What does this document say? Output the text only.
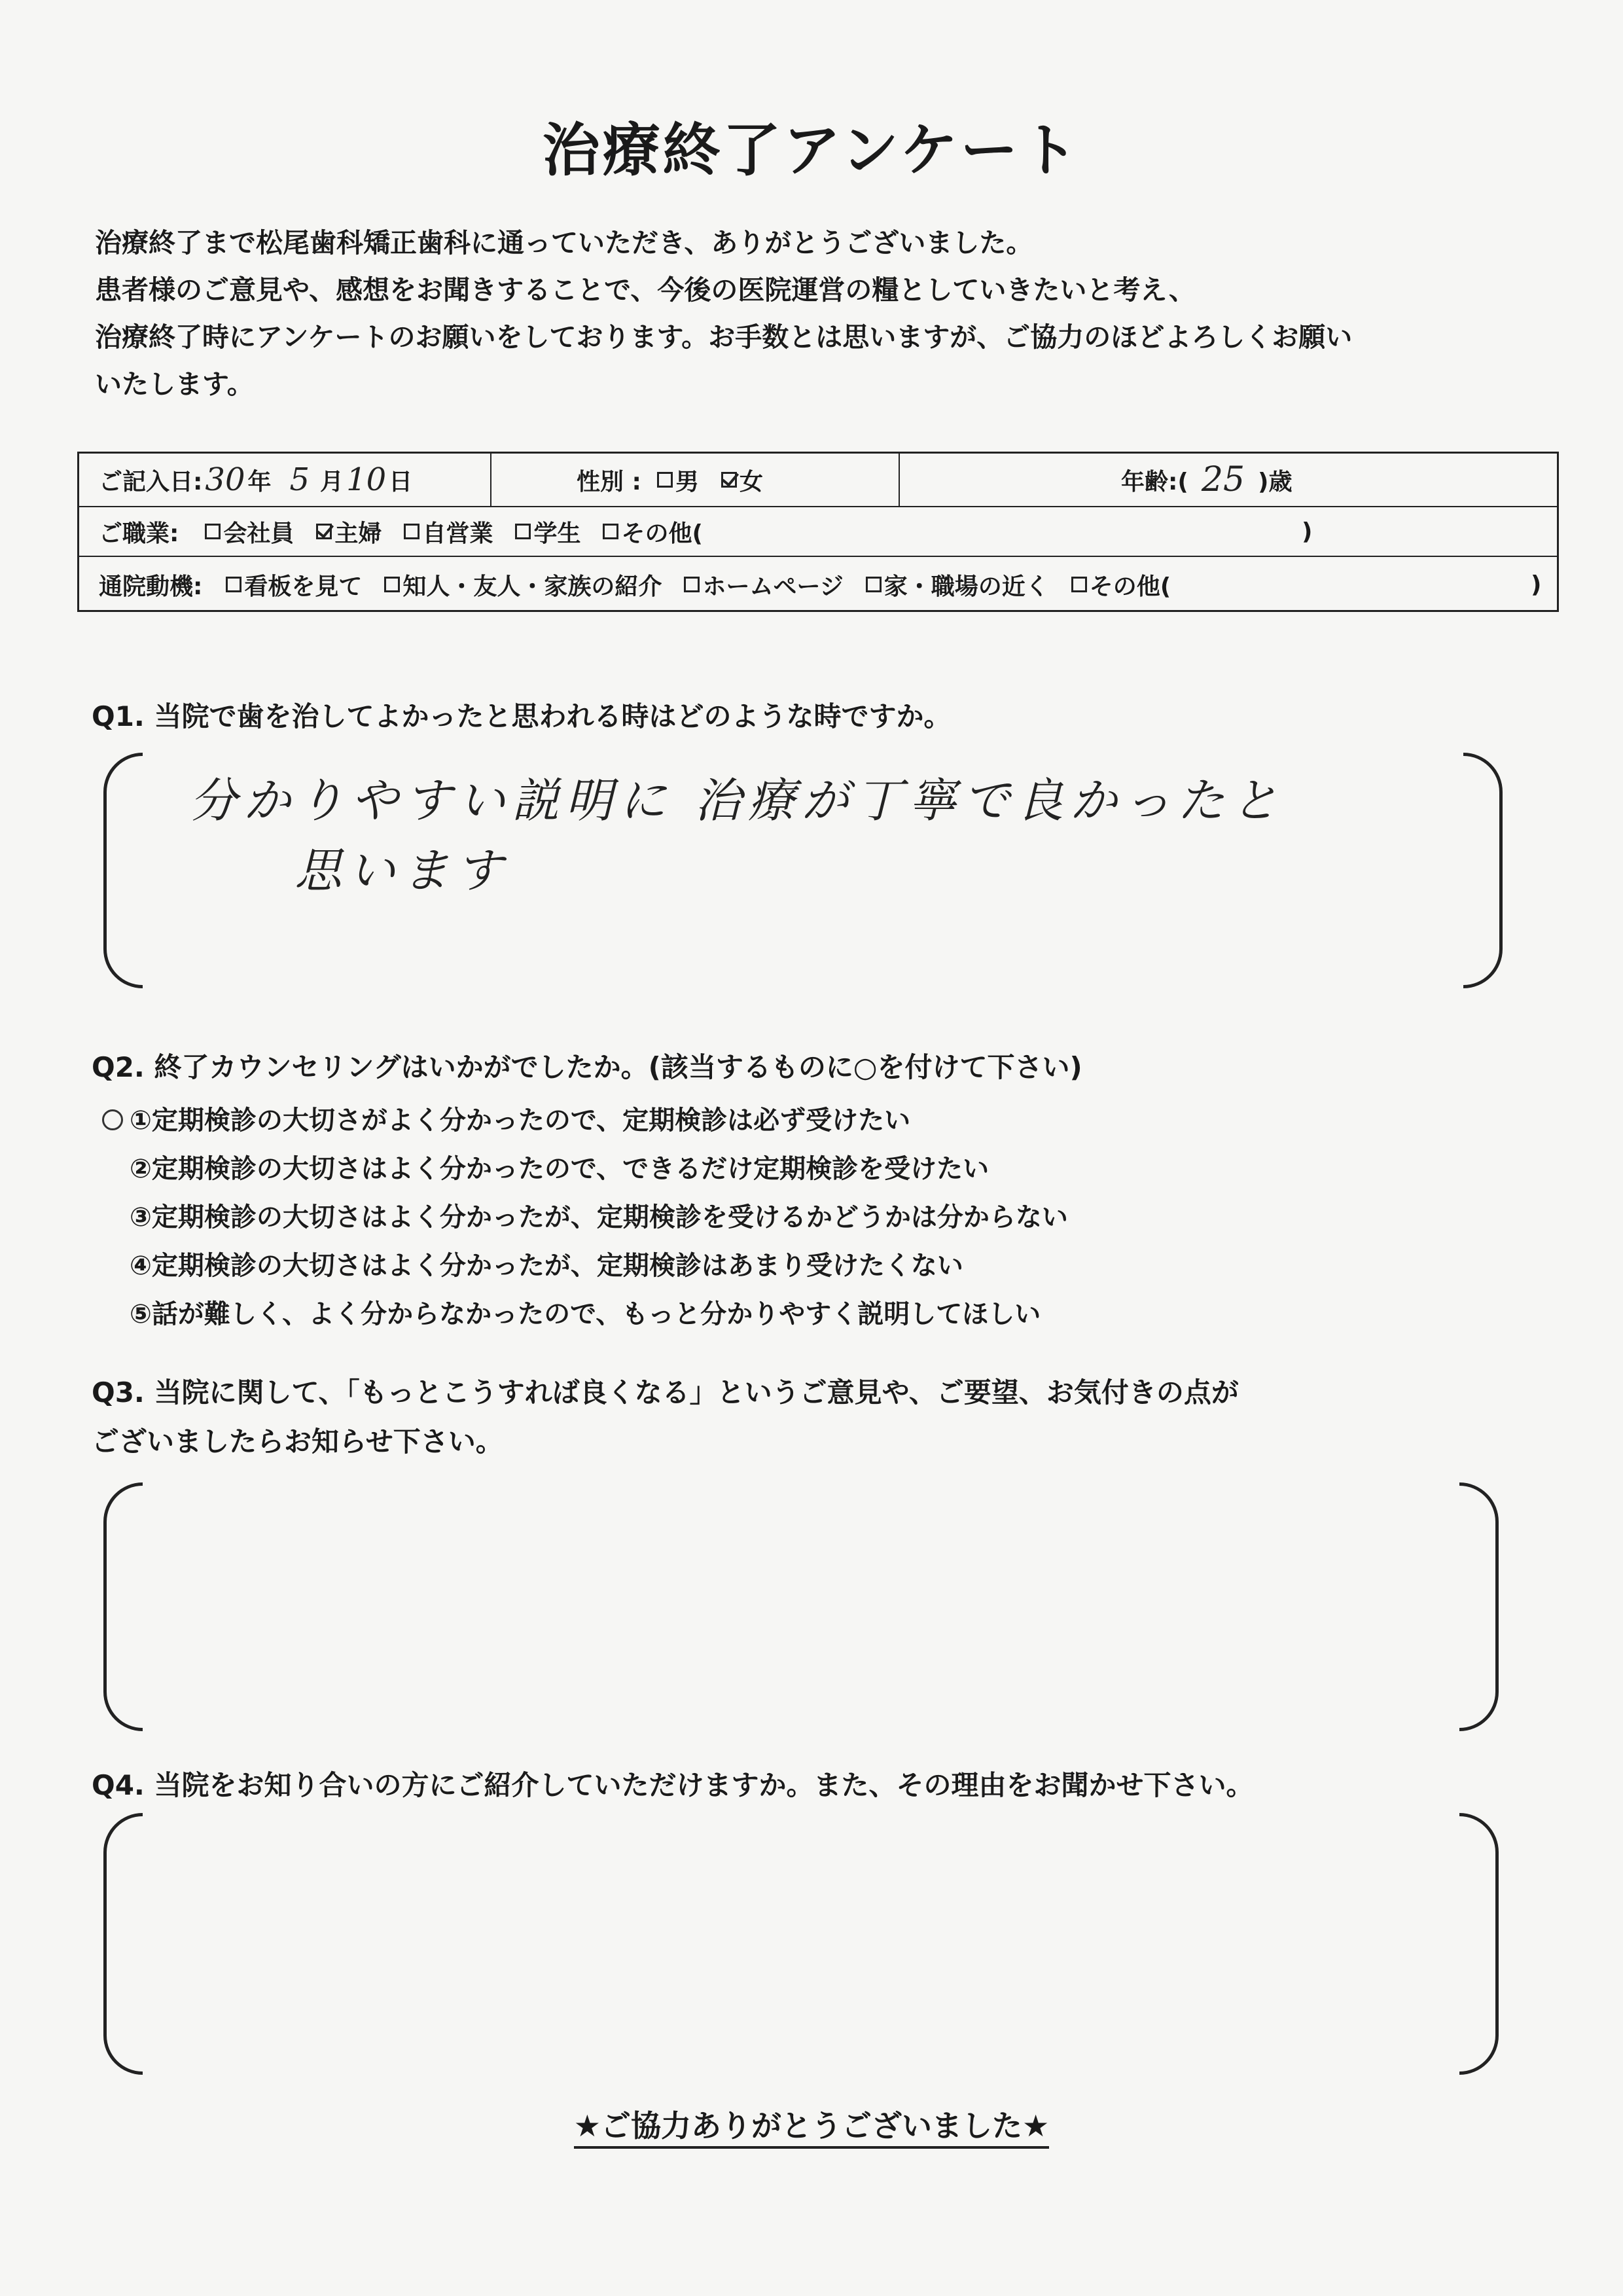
治療終了アンケート
治療終了まで松尾歯科矯正歯科に通っていただき、ありがとうございました。
患者様のご意見や、感想をお聞きすることで、今後の医院運営の糧としていきたいと考え、
治療終了時にアンケートのお願いをしております。お手数とは思いますが、ご協力のほどよろしくお願い
いたします。
ご記入日: 30 年 5 月 10 日	性別 : 男 女	年齢:( 25 )歳
ご職業: 会社員 主婦 自営業 学生 その他(	)
通院動機: 看板を見て 知人・友人・家族の紹介 ホームページ 家・職場の近く その他(	)
Q1. 当院で歯を治してよかったと思われる時はどのような時ですか。
分かりやすい説明に 治療が丁寧で良かったと
思います
Q2. 終了カウンセリングはいかがでしたか。(該当するものに○を付けて下さい)
①定期検診の大切さがよく分かったので、定期検診は必ず受けたい
②定期検診の大切さはよく分かったので、できるだけ定期検診を受けたい
③定期検診の大切さはよく分かったが、定期検診を受けるかどうかは分からない
④定期検診の大切さはよく分かったが、定期検診はあまり受けたくない
⑤話が難しく、よく分からなかったので、もっと分かりやすく説明してほしい
Q3. 当院に関して、「もっとこうすれば良くなる」というご意見や、ご要望、お気付きの点が
ございましたらお知らせ下さい。
Q4. 当院をお知り合いの方にご紹介していただけますか。また、その理由をお聞かせ下さい。
★ご協力ありがとうございました★
